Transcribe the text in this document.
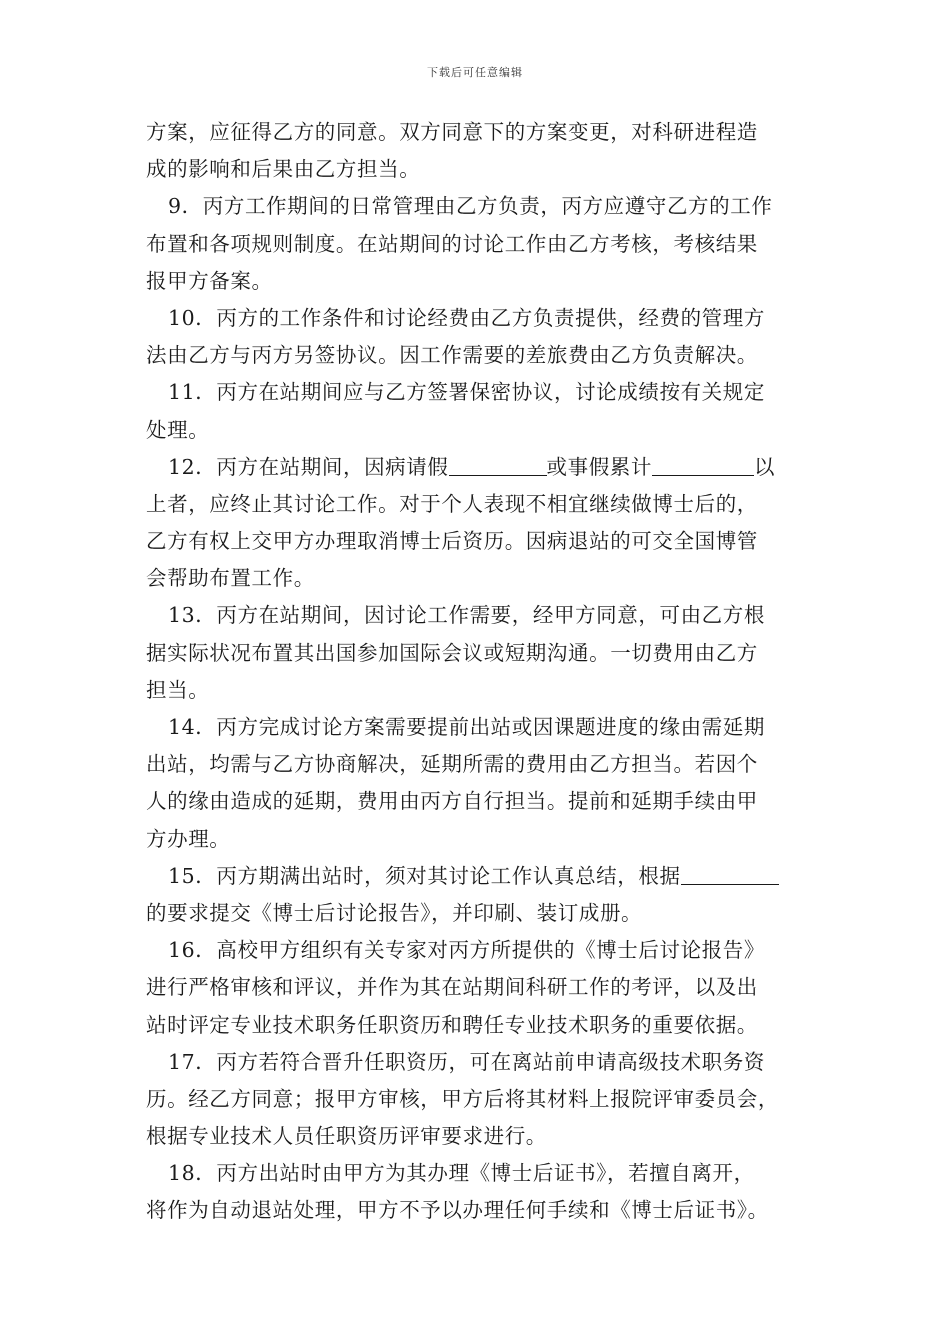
下载后可任意编辑
方案，应征得乙方的同意。双方同意下的方案变更，对科研进程造
成的影响和后果由乙方担当。
9．丙方工作期间的日常管理由乙方负责，丙方应遵守乙方的工作
布置和各项规则制度。在站期间的讨论工作由乙方考核，考核结果
报甲方备案。
10．丙方的工作条件和讨论经费由乙方负责提供，经费的管理方
法由乙方与丙方另签协议。因工作需要的差旅费由乙方负责解决。
11．丙方在站期间应与乙方签署保密协议，讨论成绩按有关规定
处理。
12．丙方在站期间，因病请假	或事假累计	以
上者，应终止其讨论工作。对于个人表现不相宜继续做博士后的，
乙方有权上交甲方办理取消博士后资历。因病退站的可交全国博管
会帮助布置工作。
13．丙方在站期间，因讨论工作需要，经甲方同意，可由乙方根
据实际状况布置其出国参加国际会议或短期沟通。一切费用由乙方
担当。
14．丙方完成讨论方案需要提前出站或因课题进度的缘由需延期
出站，均需与乙方协商解决，延期所需的费用由乙方担当。若因个
人的缘由造成的延期，费用由丙方自行担当。提前和延期手续由甲
方办理。
15．丙方期满出站时，须对其讨论工作认真总结，根据
的要求提交《博士后讨论报告》，并印刷、装订成册。
16．高校甲方组织有关专家对丙方所提供的《博士后讨论报告》
进行严格审核和评议，并作为其在站期间科研工作的考评，以及出
站时评定专业技术职务任职资历和聘任专业技术职务的重要依据。
17．丙方若符合晋升任职资历，可在离站前申请高级技术职务资
历。经乙方同意；报甲方审核，甲方后将其材料上报院评审委员会，
根据专业技术人员任职资历评审要求进行。
18．丙方出站时由甲方为其办理《博士后证书》，若擅自离开，
将作为自动退站处理，甲方不予以办理任何手续和《博士后证书》。
